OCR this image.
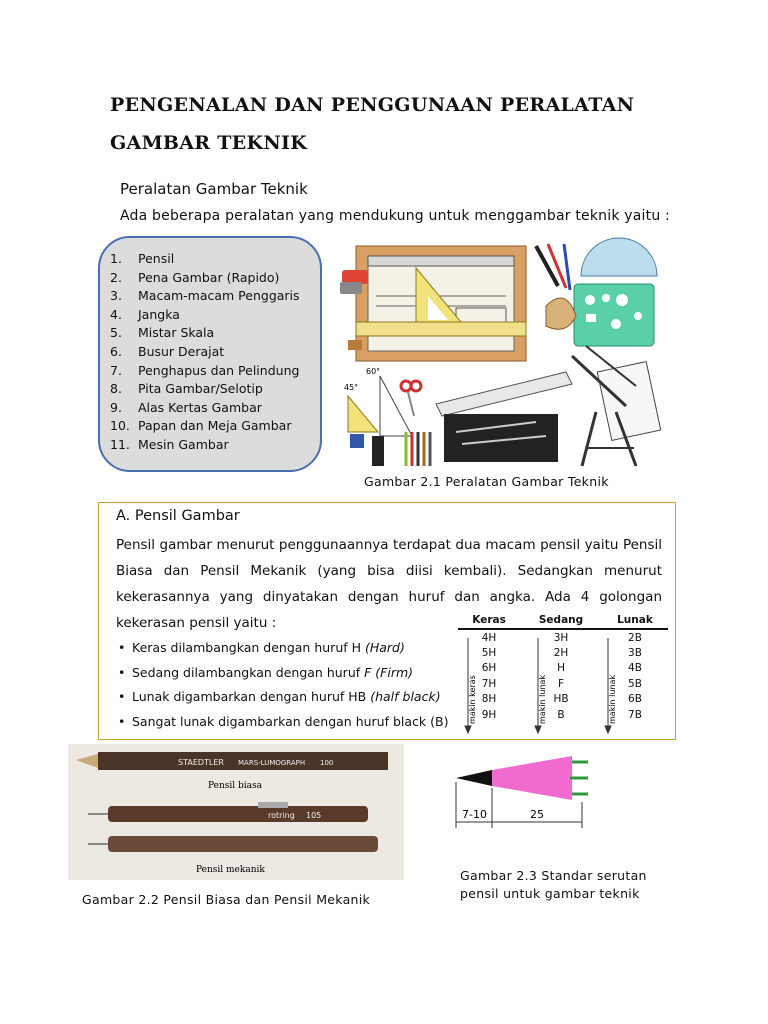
PENGENALAN DAN PENGGUNAAN PERALATAN GAMBAR TEKNIK
Peralatan Gambar Teknik
Ada beberapa peralatan yang mendukung untuk menggambar teknik yaitu :
1.	Pensil
2.	Pena Gambar (Rapido)
3.	Macam-macam Penggaris
4.	Jangka
5.	Mistar Skala
6.	Busur Derajat
7.	Penghapus dan Pelindung
8.	Pita Gambar/Selotip
9.	Alas Kertas Gambar
10. Papan dan Meja Gambar
11. Mesin Gambar
60°
45°
Gambar 2.1 Peralatan Gambar Teknik
A. Pensil Gambar
Pensil gambar menurut penggunaannya terdapat dua macam pensil yaitu Pensil
Biasa dan Pensil Mekanik (yang bisa diisi kembali). Sedangkan menurut
kekerasannya yang dinyatakan dengan huruf dan angka. Ada 4 golongan
kekerasan pensil yaitu :
• Keras dilambangkan dengan huruf H (Hard)
• Sedang dilambangkan dengan huruf F (Firm)
• Lunak digambarkan dengan huruf HB (half black)
• Sangat lunak digambarkan dengan huruf black (B)
Keras	Sedang	Lunak
4H	3H	2B
5H	2H	3B
6H	H	4B
7H	F	5B
8H	HB	6B
9H	B	7B
makin keras	makin lunak	makin lunak
STAEDTLER MARS-LUMOGRAPH 100
Pensil biasa
rotring 105
Pensil mekanik
Gambar 2.2 Pensil Biasa dan Pensil Mekanik
7-10	25
Gambar 2.3 Standar serutan
pensil untuk gambar teknik
